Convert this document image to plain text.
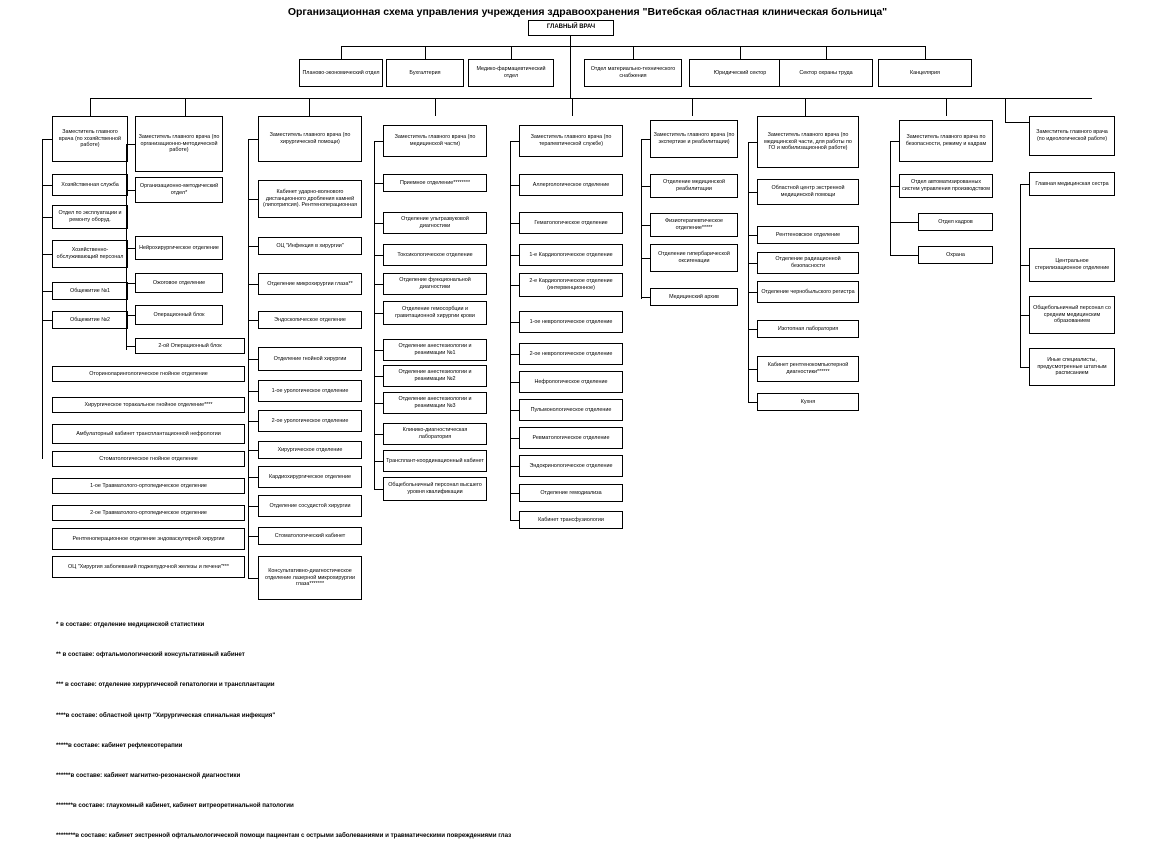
Организационная схема управления учреждения здравоохранения "Витебская областная клиническая больница"
ГЛАВНЫЙ ВРАЧ
Планово-экономический отдел	Бухгалтерия
Медико-фармацевтический отдел
Отдел материально-технического снабжения
Юридический сектор	Сектор охраны труда	Канцелярия
Заместитель главного врача (по хозяйственной работе)
Хозяйственная служба
Отдел по эксплуатации и ремонту оборуд.
Хозяйственно-обслуживающий персонал
Общежитие №1
Общежитие №2
Заместитель главного врача (по организационно-методической работе)
Организационно-методический отдел*
Нейрохирургическое отделение
Ожоговое отделение
Операционный блок
2-ой Операционный блок
Заместитель главного врача (по хирургической помощи)
Кабинет ударно-волнового дистанционного дробления камней (липотрипсия). Рентгеноперационная
ОЦ "Инфекция в хирургии"
Отделение микрохирургии глаза**
Эндоскопическое отделение
Отделение гнойной хирургии
1-ое урологическое отделение
2-ое урологическое отделение
Хирургическое отделение
Кардиохирургическое отделение
Отделение сосудистой хирургии
Стоматологический кабинет
Консультативно-диагностическое отделение лазерной микрохирургии глаза*******
Оториноларингологическое гнойное отделение
Хирургическое торакальное гнойное отделение****
Амбулаторный кабинет трансплантационной нефрологии
Стоматологическое гнойное отделение
1-ое Травматолого-ортопедическое отделение
2-ое Травматолого-ортопедическое отделение
Рентгеноперационное отделение эндоваскулярной хирургии
ОЦ "Хирургия заболеваний поджелудочной железы и печени"***
Заместитель главного врача (по медицинской части)
Приемное отделение********
Отделение ультразвуковой диагностики
Токсикологическое отделение
Отделение функциональной диагностики
Отделение гемосорбции и гравитационной хирургии крови
Отделение анестезиологии и реанимации №1
Отделение анестезиологии и реанимации №2
Отделение анестезиологии и реанимации №3
Клинико-диагностическая лаборатория
Трансплант-координационный кабинет
Общебольничный персонал высшего уровня квалификации
Заместитель главного врача (по терапевтической службе)
Аллергологическое отделение
Гематологическое отделение
1-е Кардиологическое отделение
2-е Кардиологическое отделение (интервенционное)
1-ое неврологическое отделение
2-ое неврологическое отделение
Нефрологическое отделение
Пульмонологическое отделение
Ревматологическое отделение
Эндокринологическое отделение
Отделение гемодиализа
Кабинет трансфузиологии
Заместитель главного врача (по экспертизе и реабилитации)
Отделение медицинской реабилитации
Физиотерапевтическое отделение*****
Отделение гипербарической оксигенации
Медицинский архив
Заместитель главного врача (по медицинской части, для работы по ГО и мобилизационной работе)
Областной центр экстренной медицинской помощи
Рентгеновское отделение
Отделение радиационной безопасности
Отделение чернобыльского регистра
Изотопная лаборатория
Кабинет рентгенокомпьютерной диагностики******
Кухня
Заместитель главного врача по безопасности, режиму и кадрам
Отдел автоматизированных систем управления производством
Отдел кадров
Охрана
Заместитель главного врача (по идеологической работе)
Главная медицинская сестра
Центральное стерилизационное отделение
Общебольничный персонал со средним медицинским образованием
Иные специалисты, предусмотренные штатным расписанием

* в составе: отделение медицинской статистики

** в составе: офтальмологический консультативный кабинет

*** в составе: отделение хирургической гепатологии и трансплантации

****в составе: областной центр "Хирургическая спинальная инфекция"

*****в составе: кабинет рефлексотерапии

******в составе: кабинет магнитно-резонансной диагностики

*******в составе: глаукомный кабинет, кабинет витреоретинальной патологии

********в составе: кабинет экстренной офтальмологической помощи пациентам с острыми заболеваниями и травматическими повреждениями глаз
